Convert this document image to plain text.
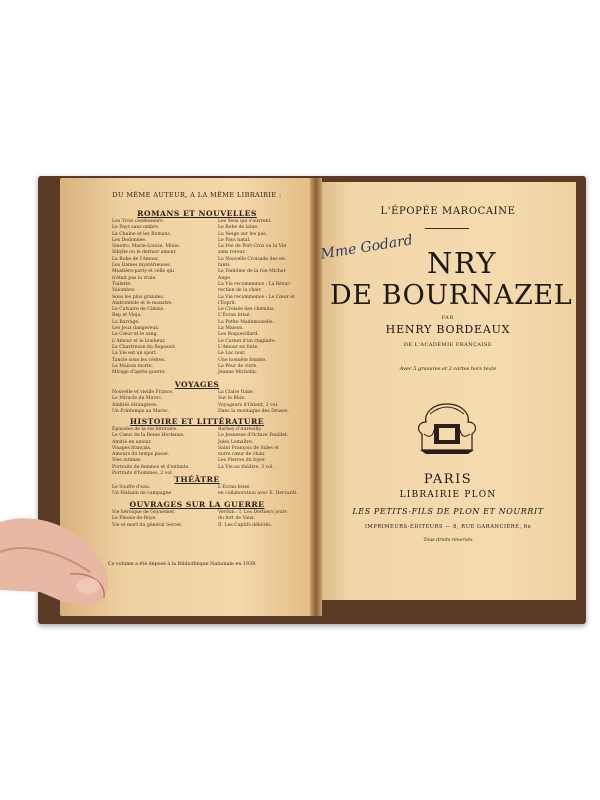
DU MÊME AUTEUR, A LA MÊME LIBRAIRIE :
ROMANS ET NOUVELLES
Les Trois confesseurs.
Le Pays sans ombre.
La Chaîne et les Romans.
Les Dodonnée.
Sinotto, Marie-Louise, Minie.
Sibylle ou le dernier amour.
La Robe de l'Amour.
Les Dames mystérieuses.
Mustière-party et celle qui
n'était pas la vraie.
Tuilerie.
Valombre.
Sous les plus grandes.
Andromède et le monstre.
Le Calvaire de Cimiez.
Rep et Vieja.
La Barrage.
Les Jeux dangereux.
Le Cœur et le sang.
L'Amour et le bonheur.
La Chartreuse du Reposoir.
La Vie est un sport.
Tancle sous les cèdres.
La Maison morte.
Mirage d'après-guerre.
Les Yeux qui s'ouvrent.
Le Robe de laine.
La Neige sur les pas.
Le Pays natal.
La Fée de Port-Cros ou la Vie
sans retour.
La Nouvelle Croisade des en-
fants.
Le Fantôme de la rue Michel-
Ange.
La Vie recommence : La Résur-
rection de la chair.
La Vie recommence : Le Cœur et
l'Esprit.
Le Croisée des chemins.
L'Écran brisé.
La Petite Mademoiselle.
La Maison.
Les Roquevillard.
Le Carnet d'un stagiaire.
L'Amour en fuite.
Le Lac noir.
Une honnête femme.
La Peur de vivre.
Jeanne Michelin.
VOYAGES
Nouvelle et vieille France.
Le Miracle du Maroc.
Amitiés étrangères.
Un Printemps au Maroc.
La Claire Italie.
Sur le Rhin.
Voyageurs d'Orient, 2 vol.
Dans la montagne des Druses.
HISTOIRE ET LITTÉRATURE
Épisodes de la vie littéraire.
Le Cœur de la Reine Hortense.
Amitié en amour.
Visages français.
Amours du temps passé.
Vies intimes.
Portraits de femmes et d'enfants.
Portraits d'hommes, 2 vol.
Barbey d'Aurevilly.
Le Jeunesse d'Octave Feuillet.
Jules Lemaître.
Saint François de Sales et
notre cœur de chair.
Les Pierres du foyer.
La Vie au théâtre, 3 vol.
THÉÂTRE
Le Soufre d'eau.
Un Malsain de campagne
L'Écran brisé.
en collaboration avec E. Dervardi.
OUVRAGES SUR LA GUERRE
Vie héroïque de Guynemer.
Le Plessis-de-Roye.
Vie et mort du général Serret.
Verdun : I. Les Derniers jours
du fort de Vaux.
II. Les Captifs délivrés.
Ce volume a été déposé à la Bibliothèque Nationale en 1939.
L'ÉPOPÉE MAROCAINE
NRY
DE BOURNAZEL
Mme Godard
PAR
HENRY BORDEAUX
DE L'ACADÉMIE FRANÇAISE
Avec 5 gravures et 2 cartes hors texte
PARIS
LIBRAIRIE PLON
LES PETITS-FILS DE PLON ET NOURRIT
IMPRIMEURS-ÉDITEURS — 8, RUE GARANCIÈRE, 6e
Tous droits réservés
